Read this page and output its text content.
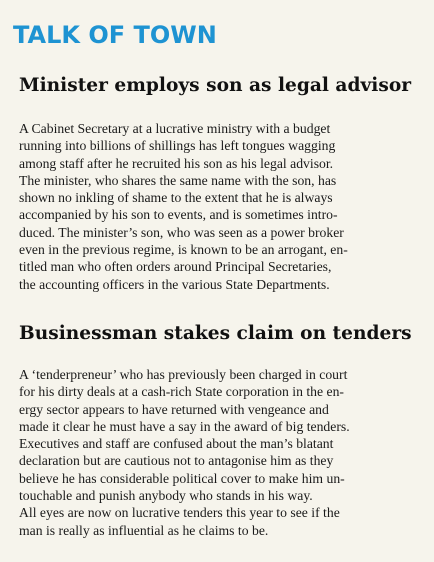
TALK OF TOWN
Minister employs son as legal advisor
A Cabinet Secretary at a lucrative ministry with a budget
running into billions of shillings has left tongues wagging
among staff after he recruited his son as his legal advisor.
The minister, who shares the same name with the son, has
shown no inkling of shame to the extent that he is always
accompanied by his son to events, and is sometimes intro-
duced. The minister’s son, who was seen as a power broker
even in the previous regime, is known to be an arrogant, en-
titled man who often orders around Principal Secretaries,
the accounting officers in the various State Departments.
Businessman stakes claim on tenders
A ‘tenderpreneur’ who has previously been charged in court
for his dirty deals at a cash-rich State corporation in the en-
ergy sector appears to have returned with vengeance and
made it clear he must have a say in the award of big tenders.
Executives and staff are confused about the man’s blatant
declaration but are cautious not to antagonise him as they
believe he has considerable political cover to make him un-
touchable and punish anybody who stands in his way.
All eyes are now on lucrative tenders this year to see if the
man is really as influential as he claims to be.
